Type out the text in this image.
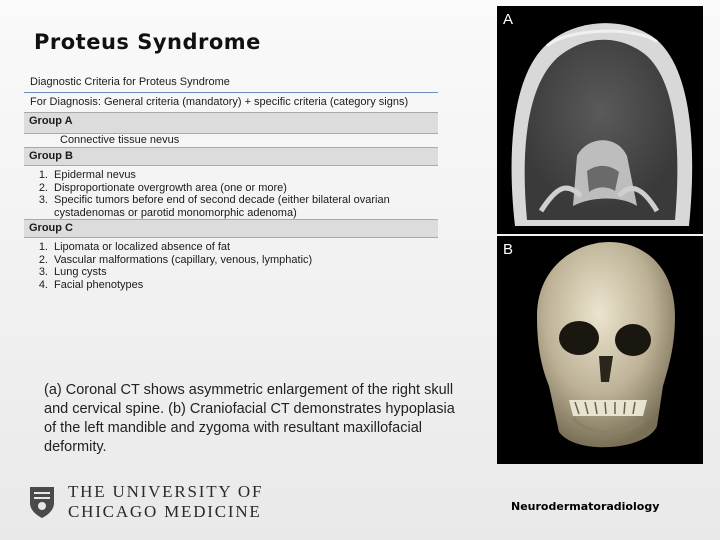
Proteus Syndrome
Diagnostic Criteria for Proteus Syndrome
For Diagnosis: General criteria (mandatory) + specific criteria (category signs)
Group A
Connective tissue nevus
Group B
1. Epidermal nevus
2. Disproportionate overgrowth area (one or more)
3. Specific tumors before end of second decade (either bilateral ovarian cystadenomas or parotid monomorphic adenoma)
Group C
1. Lipomata or localized absence of fat
2. Vascular malformations (capillary, venous, lymphatic)
3. Lung cysts
4. Facial phenotypes
(a) Coronal CT shows asymmetric enlargement of the right skull and cervical spine. (b) Craniofacial CT demonstrates hypoplasia of the left mandible and zygoma with resultant maxillofacial deformity.
A
B
THE UNIVERSITY OF
CHICAGO MEDICINE	Neurodermatoradiology
